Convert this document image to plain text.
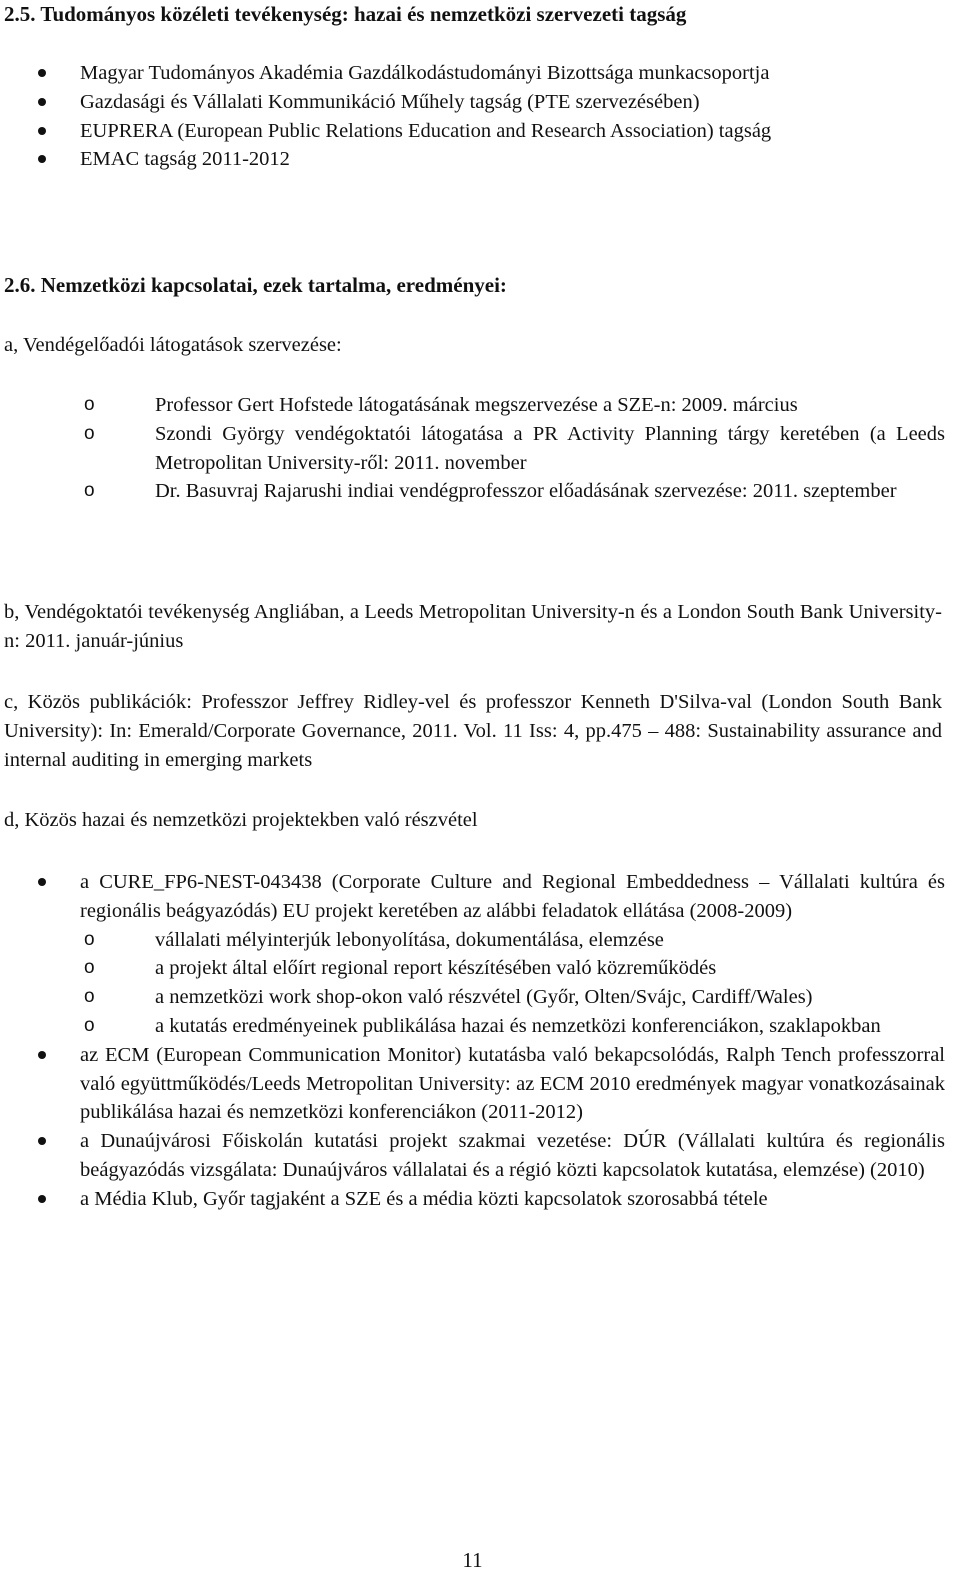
2.5. Tudományos közéleti tevékenység: hazai és nemzetközi szervezeti tagság
Magyar Tudományos Akadémia Gazdálkodástudományi Bizottsága munkacsoportja
Gazdasági és Vállalati Kommunikáció Műhely tagság (PTE szervezésében)
EUPRERA (European Public Relations Education and Research Association) tagság
EMAC tagság 2011-2012
2.6. Nemzetközi kapcsolatai, ezek tartalma, eredményei:
a, Vendégelőadói látogatások szervezése:
o	Professor Gert Hofstede látogatásának megszervezése a SZE-n: 2009. március
o	Szondi György vendégoktatói látogatása a PR Activity Planning tárgy keretében (a Leeds Metropolitan University-ről: 2011. november
o	Dr. Basuvraj Rajarushi indiai vendégprofesszor előadásának szervezése: 2011. szeptember
b, Vendégoktatói tevékenység Angliában, a Leeds Metropolitan University-n és a London South Bank University-n: 2011. január-június
c, Közös publikációk: Professzor Jeffrey Ridley-vel és professzor Kenneth D'Silva-val (London South Bank University): In: Emerald/Corporate Governance, 2011. Vol. 11 Iss: 4, pp.475 – 488: Sustainability assurance and internal auditing in emerging markets
d, Közös hazai és nemzetközi projektekben való részvétel
a CURE_FP6-NEST-043438 (Corporate Culture and Regional Embeddedness – Vállalati kultúra és regionális beágyazódás) EU projekt keretében az alábbi feladatok ellátása (2008-2009)
o	vállalati mélyinterjúk lebonyolítása, dokumentálása, elemzése
o	a projekt által előírt regional report készítésében való közreműködés
o	a nemzetközi work shop-okon való részvétel (Győr, Olten/Svájc, Cardiff/Wales)
o	a kutatás eredményeinek publikálása hazai és nemzetközi konferenciákon, szaklapokban
az ECM (European Communication Monitor) kutatásba való bekapcsolódás, Ralph Tench professzorral való együttműködés/Leeds Metropolitan University: az ECM 2010 eredmények magyar vonatkozásainak publikálása hazai és nemzetközi konferenciákon (2011-2012)
a Dunaújvárosi Főiskolán kutatási projekt szakmai vezetése: DÚR (Vállalati kultúra és regionális beágyazódás vizsgálata: Dunaújváros vállalatai és a régió közti kapcsolatok kutatása, elemzése) (2010)
a Média Klub, Győr tagjaként a SZE és a média közti kapcsolatok szorosabbá tétele
11
